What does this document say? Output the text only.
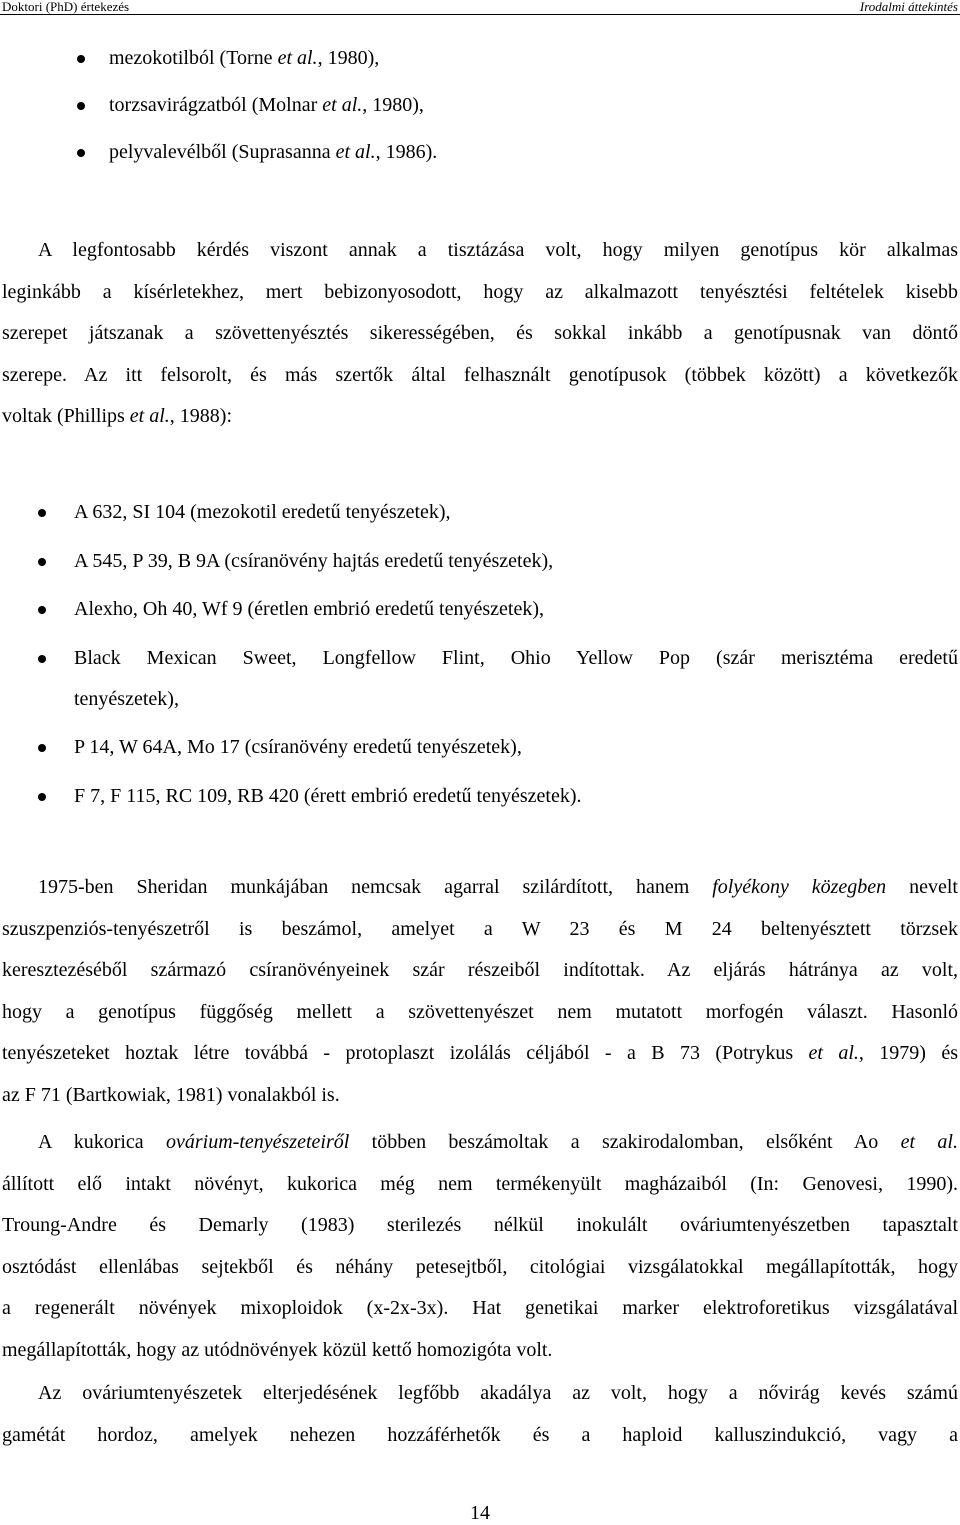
Doktori (PhD) értekezés	Irodalmi áttekintés
mezokotilból (Torne et al., 1980),
torzsavirágzatból (Molnar et al., 1980),
pelyvalevélből (Suprasanna et al., 1986).
A legfontosabb kérdés viszont annak a tisztázása volt, hogy milyen genotípus kör alkalmas
leginkább a kísérletekhez, mert bebizonyosodott, hogy az alkalmazott tenyésztési feltételek kisebb
szerepet játszanak a szövettenyésztés sikerességében, és sokkal inkább a genotípusnak van döntő
szerepe. Az itt felsorolt, és más szertők által felhasznált genotípusok (többek között) a következők
voltak (Phillips et al., 1988):
A 632, SI 104 (mezokotil eredetű tenyészetek),
A 545, P 39, B 9A (csíranövény hajtás eredetű tenyészetek),
Alexho, Oh 40, Wf 9 (éretlen embrió eredetű tenyészetek),
Black Mexican Sweet, Longfellow Flint, Ohio Yellow Pop (szár merisztéma eredetű
tenyészetek),
P 14, W 64A, Mo 17 (csíranövény eredetű tenyészetek),
F 7, F 115, RC 109, RB 420 (érett embrió eredetű tenyészetek).
1975-ben Sheridan munkájában nemcsak agarral szilárdított, hanem folyékony közegben nevelt
szuszpenziós-tenyészetről is beszámol, amelyet a W 23 és M 24 beltenyésztett törzsek
keresztezéséből származó csíranövényeinek szár részeiből indítottak. Az eljárás hátránya az volt,
hogy a genotípus függőség mellett a szövettenyészet nem mutatott morfogén választ. Hasonló
tenyészeteket hoztak létre továbbá - protoplaszt izolálás céljából - a B 73 (Potrykus et al., 1979) és
az F 71 (Bartkowiak, 1981) vonalakból is.
A kukorica ovárium-tenyészeteiről többen beszámoltak a szakirodalomban, elsőként Ao et al.
állított elő intakt növényt, kukorica még nem termékenyült magházaiból (In: Genovesi, 1990).
Troung-Andre és Demarly (1983) sterilezés nélkül inokulált ováriumtenyészetben tapasztalt
osztódást ellenlábas sejtekből és néhány petesejtből, citológiai vizsgálatokkal megállapították, hogy
a regenerált növények mixoploidok (x-2x-3x). Hat genetikai marker elektroforetikus vizsgálatával
megállapították, hogy az utódnövények közül kettő homozigóta volt.
Az ováriumtenyészetek elterjedésének legfőbb akadálya az volt, hogy a nővirág kevés számú
gamétát hordoz, amelyek nehezen hozzáférhetők és a haploid kalluszindukció, vagy a
14
